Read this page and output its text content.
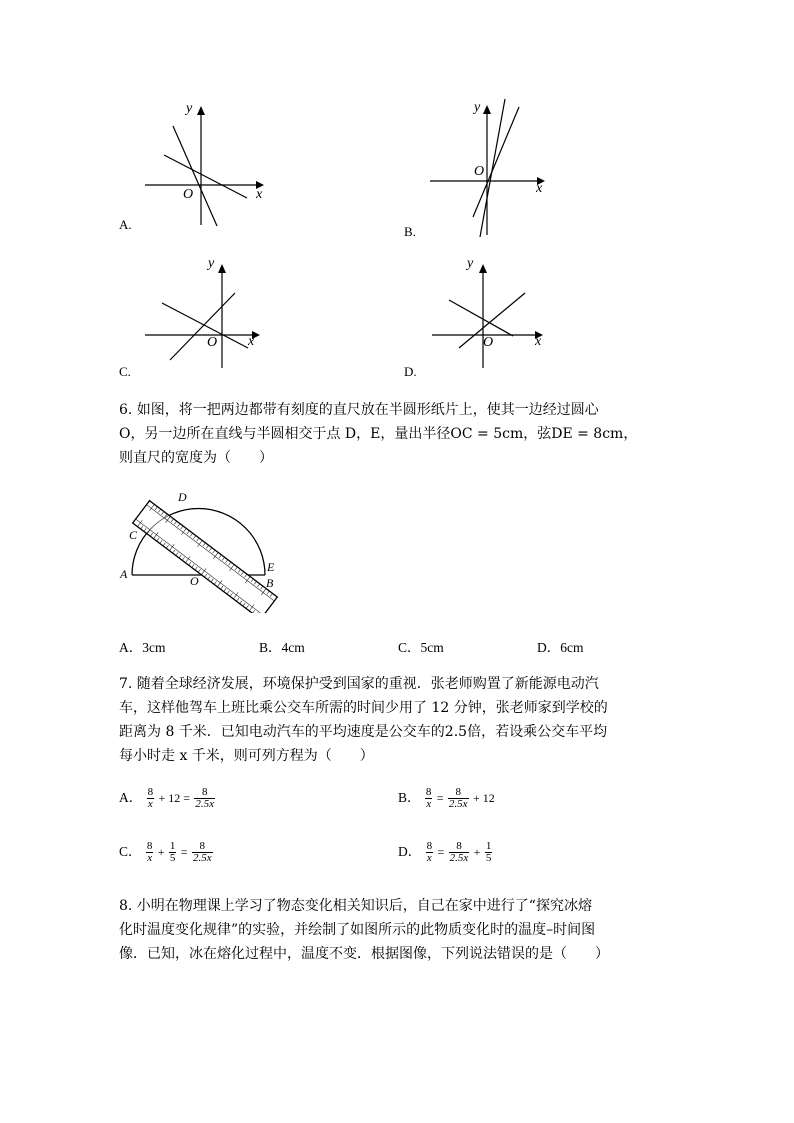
y
x
O
A.
y
x
O
B.
y
x
O
C.
y
x
O
D.
6. 如图，将一把两边都带有刻度的直尺放在半圆形纸片上，使其一边经过圆心
O，另一边所在直线与半圆相交于点 D，E，量出半径OC = 5cm，弦DE = 8cm，
则直尺的宽度为（　　）
D
C
A	O
E
B
A．3cm	B．4cm	C．5cm	D．6cm
7. 随着全球经济发展，环境保护受到国家的重视．张老师购置了新能源电动汽
车，这样他驾车上班比乘公交车所需的时间少用了 12 分钟，张老师家到学校的
距离为 8 千米．已知电动汽车的平均速度是公交车的2.5倍，若设乘公交车平均
每小时走 x 千米，则可列方程为（　　）
A． $\frac{8}{x} + 12 = \frac{8}{2.5x}$	B． $\frac{8}{x} = \frac{8}{2.5x} + 12$
C． $\frac{8}{x} + \frac{1}{5} = \frac{8}{2.5x}$	D． $\frac{8}{x} = \frac{8}{2.5x} + \frac{1}{5}$
8. 小明在物理课上学习了物态变化相关知识后，自己在家中进行了“探究冰熔
化时温度变化规律”的实验，并绘制了如图所示的此物质变化时的温度–时间图
像．已知，冰在熔化过程中，温度不变．根据图像，下列说法错误的是（　　）
